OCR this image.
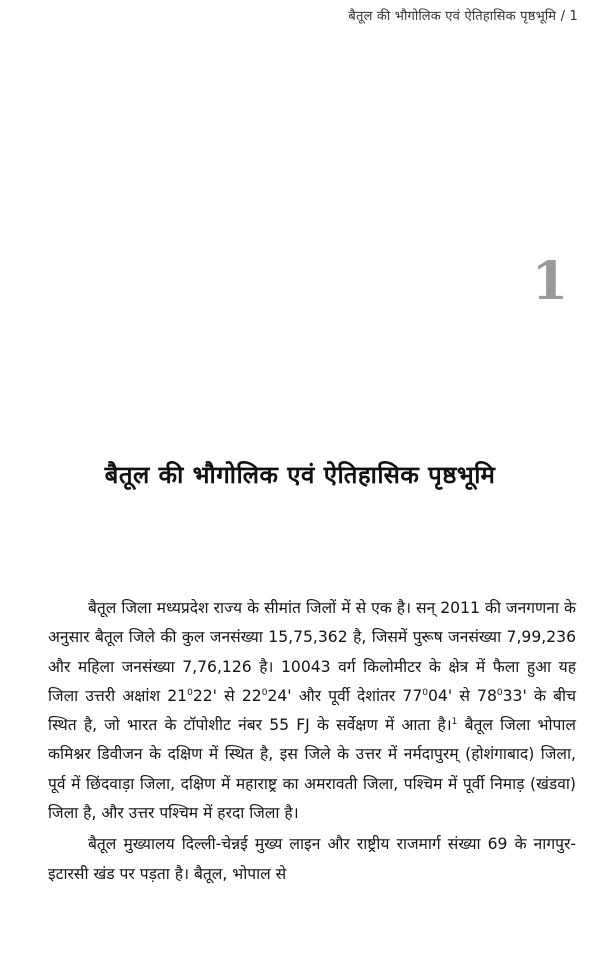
बैतूल की भौगोलिक एवं ऐतिहासिक पृष्ठभूमि / 1
1
बैतूल की भौगोलिक एवं ऐतिहासिक पृष्ठभूमि

बैतूल जिला मध्यप्रदेश राज्य के सीमांत जिलों में से एक है। सन् 2011 की जनगणना के अनुसार बैतूल जिले की कुल जनसंख्या 15,75,362 है, जिसमें पुरूष जनसंख्या 7,99,236 और महिला जनसंख्या 7,76,126 है। 10043 वर्ग किलोमीटर के क्षेत्र में फैला हुआ यह जिला उत्तरी अक्षांश $21^022'$ से $22^024'$ और पूर्वी देशांतर $77^004'$ से $78^033'$ के बीच स्थित है, जो भारत के टॉपोशीट नंबर 55 FJ के सर्वेक्षण में आता है।$^1$ बैतूल जिला भोपाल कमिश्नर डिवीजन के दक्षिण में स्थित है, इस जिले के उत्तर में नर्मदापुरम् (होशंगाबाद) जिला, पूर्व में छिंदवाड़ा जिला, दक्षिण में महाराष्ट्र का अमरावती जिला, पश्चिम में पूर्वी निमाड़ (खंडवा) जिला है, और उत्तर पश्चिम में हरदा जिला है।

बैतूल मुख्यालय दिल्ली-चेन्नई मुख्य लाइन और राष्ट्रीय राजमार्ग संख्या 69 के नागपुर-इटारसी खंड पर पड़ता है। बैतूल, भोपाल से
